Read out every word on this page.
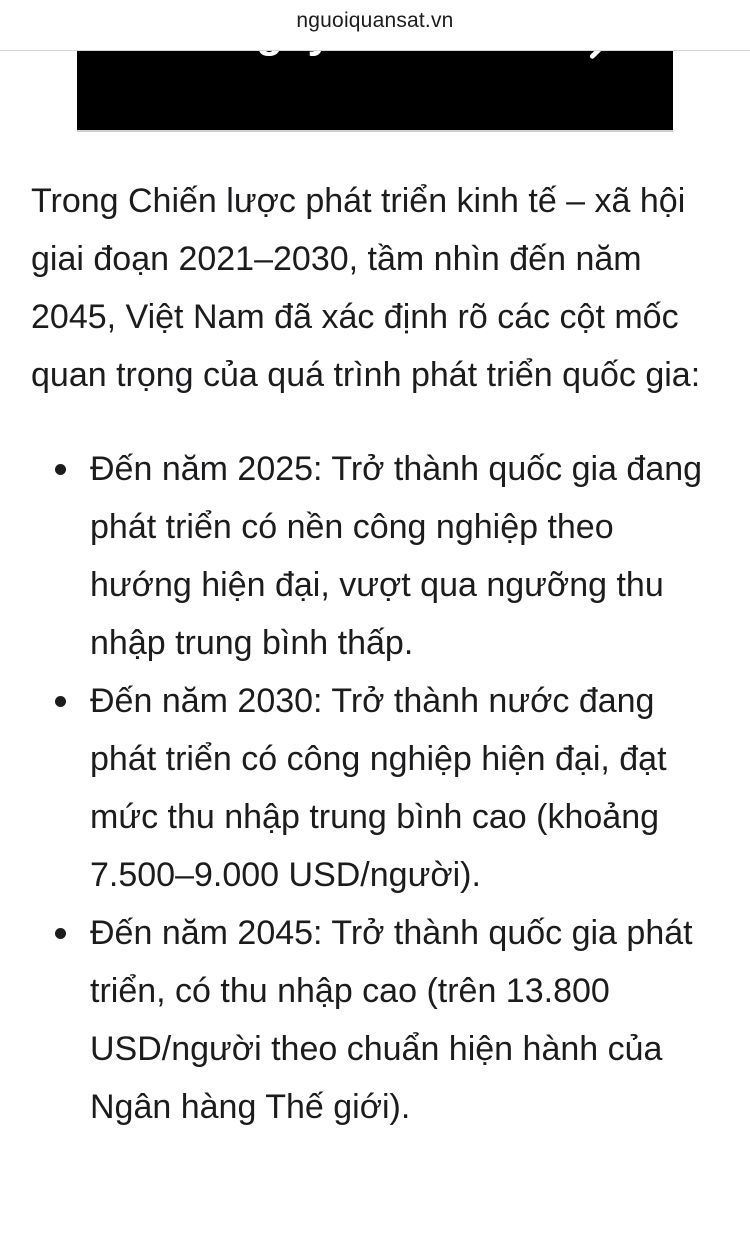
nguoiquansat.vn

Trong Chiến lược phát triển kinh tế – xã hội giai đoạn 2021–2030, tầm nhìn đến năm 2045, Việt Nam đã xác định rõ các cột mốc quan trọng của quá trình phát triển quốc gia:

Đến năm 2025: Trở thành quốc gia đang phát triển có nền công nghiệp theo hướng hiện đại, vượt qua ngưỡng thu nhập trung bình thấp.
Đến năm 2030: Trở thành nước đang phát triển có công nghiệp hiện đại, đạt mức thu nhập trung bình cao (khoảng 7.500–9.000 USD/người).
Đến năm 2045: Trở thành quốc gia phát triển, có thu nhập cao (trên 13.800 USD/người theo chuẩn hiện hành của Ngân hàng Thế giới).
